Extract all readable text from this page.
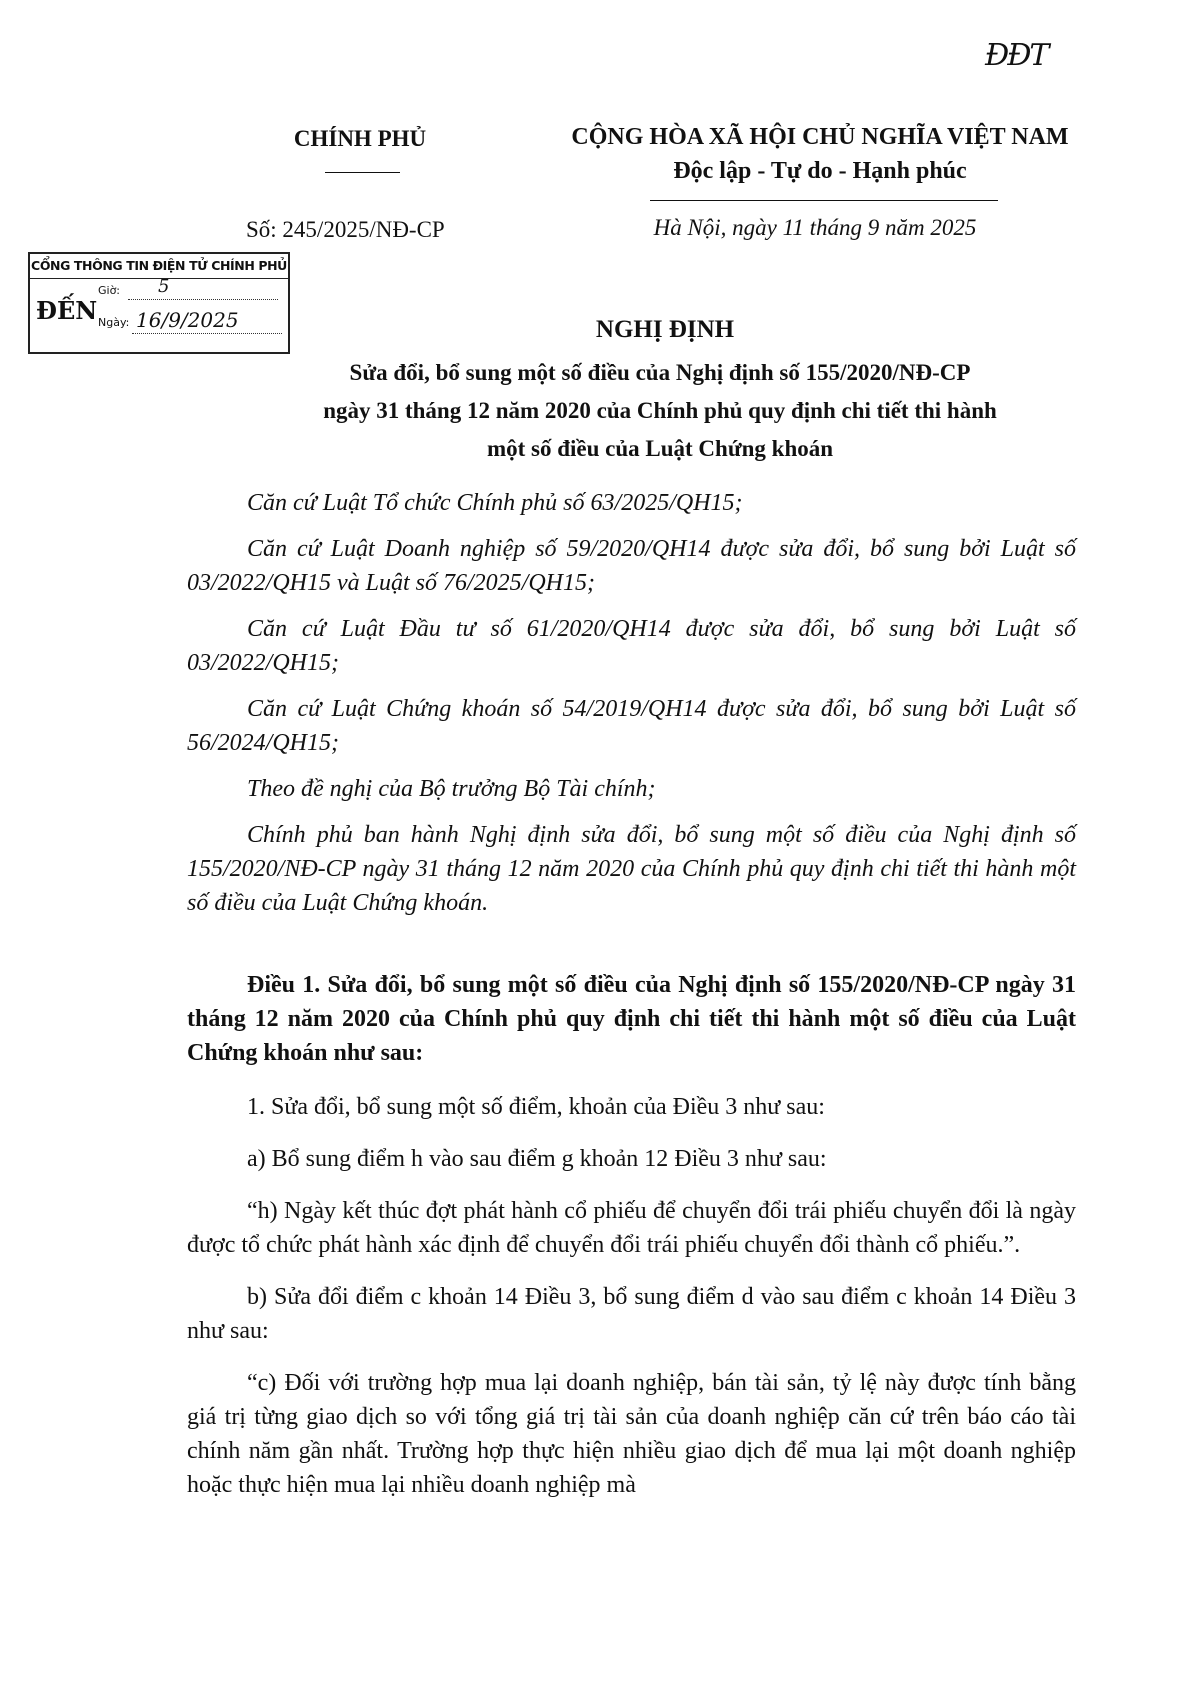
ĐĐT
CHÍNH PHỦ	CỘNG HÒA XÃ HỘI CHỦ NGHĨA VIỆT NAM
Độc lập - Tự do - Hạnh phúc
Số: 245/2025/NĐ-CP	Hà Nội, ngày 11 tháng 9 năm 2025
CỔNG THÔNG TIN ĐIỆN TỬ CHÍNH PHỦ
ĐẾN
Giờ:	5
Ngày: 16/9/2025	NGHỊ ĐỊNH
Sửa đổi, bổ sung một số điều của Nghị định số 155/2020/NĐ-CP
ngày 31 tháng 12 năm 2020 của Chính phủ quy định chi tiết thi hành
một số điều của Luật Chứng khoán

Căn cứ Luật Tổ chức Chính phủ số 63/2025/QH15;

Căn cứ Luật Doanh nghiệp số 59/2020/QH14 được sửa đổi, bổ sung bởi Luật số 03/2022/QH15 và Luật số 76/2025/QH15;

Căn cứ Luật Đầu tư số 61/2020/QH14 được sửa đổi, bổ sung bởi Luật số 03/2022/QH15;

Căn cứ Luật Chứng khoán số 54/2019/QH14 được sửa đổi, bổ sung bởi Luật số 56/2024/QH15;

Theo đề nghị của Bộ trưởng Bộ Tài chính;

Chính phủ ban hành Nghị định sửa đổi, bổ sung một số điều của Nghị định số 155/2020/NĐ-CP ngày 31 tháng 12 năm 2020 của Chính phủ quy định chi tiết thi hành một số điều của Luật Chứng khoán.

Điều 1. Sửa đổi, bổ sung một số điều của Nghị định số 155/2020/NĐ-CP ngày 31 tháng 12 năm 2020 của Chính phủ quy định chi tiết thi hành một số điều của Luật Chứng khoán như sau:

1. Sửa đổi, bổ sung một số điểm, khoản của Điều 3 như sau:

a) Bổ sung điểm h vào sau điểm g khoản 12 Điều 3 như sau:

“h) Ngày kết thúc đợt phát hành cổ phiếu để chuyển đổi trái phiếu chuyển đổi là ngày được tổ chức phát hành xác định để chuyển đổi trái phiếu chuyển đổi thành cổ phiếu.”.

b) Sửa đổi điểm c khoản 14 Điều 3, bổ sung điểm d vào sau điểm c khoản 14 Điều 3 như sau:

“c) Đối với trường hợp mua lại doanh nghiệp, bán tài sản, tỷ lệ này được tính bằng giá trị từng giao dịch so với tổng giá trị tài sản của doanh nghiệp căn cứ trên báo cáo tài chính năm gần nhất. Trường hợp thực hiện nhiều giao dịch để mua lại một doanh nghiệp hoặc thực hiện mua lại nhiều doanh nghiệp mà
